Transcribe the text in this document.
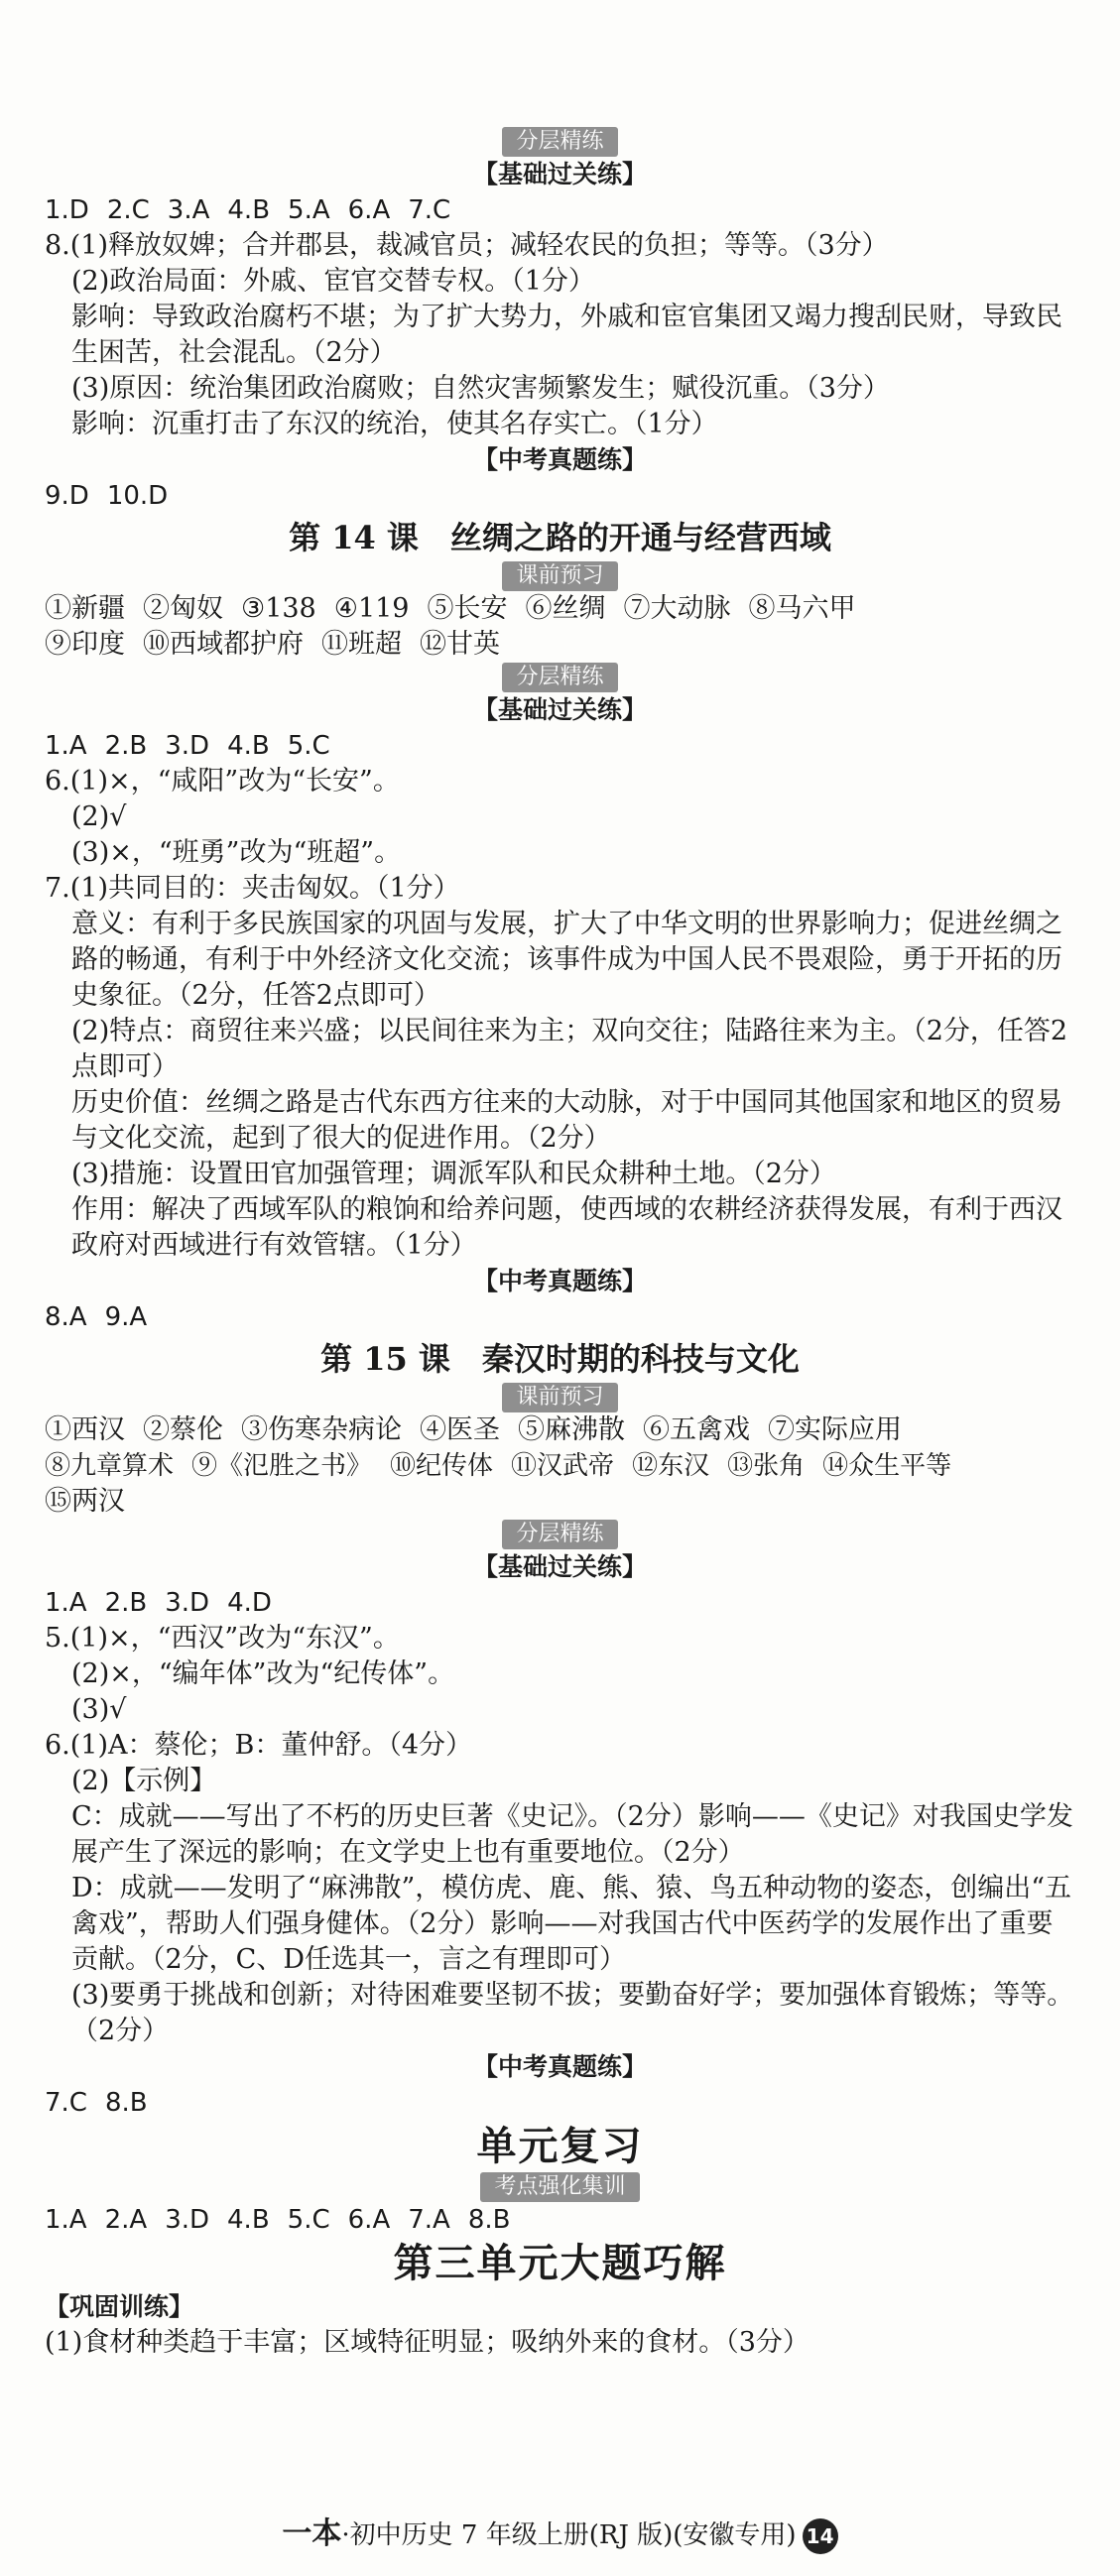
分层精练
【基础过关练】
1.D 2.C 3.A 4.B 5.A 6.A 7.C
8.(1)释放奴婢；合并郡县，裁减官员；减轻农民的负担；等等。（3分）
(2)政治局面：外戚、宦官交替专权。（1分）
影响：导致政治腐朽不堪；为了扩大势力，外戚和宦官集团又竭力搜刮民财，导致民生困苦，社会混乱。（2分）
(3)原因：统治集团政治腐败；自然灾害频繁发生；赋役沉重。（3分）
影响：沉重打击了东汉的统治，使其名存实亡。（1分）
【中考真题练】
9.D 10.D
第 14 课　丝绸之路的开通与经营西域
课前预习
①新疆 ②匈奴 ③138 ④119 ⑤长安 ⑥丝绸 ⑦大动脉 ⑧马六甲
⑨印度 ⑩西域都护府 ⑪班超 ⑫甘英
分层精练
【基础过关练】
1.A 2.B 3.D 4.B 5.C
6.(1)×，“咸阳”改为“长安”。
(2)√
(3)×，“班勇”改为“班超”。
7.(1)共同目的：夹击匈奴。（1分）
意义：有利于多民族国家的巩固与发展，扩大了中华文明的世界影响力；促进丝绸之路的畅通，有利于中外经济文化交流；该事件成为中国人民不畏艰险，勇于开拓的历史象征。（2分，任答2点即可）
(2)特点：商贸往来兴盛；以民间往来为主；双向交往；陆路往来为主。（2分，任答2点即可）
历史价值：丝绸之路是古代东西方往来的大动脉，对于中国同其他国家和地区的贸易与文化交流，起到了很大的促进作用。（2分）
(3)措施：设置田官加强管理；调派军队和民众耕种土地。（2分）
作用：解决了西域军队的粮饷和给养问题，使西域的农耕经济获得发展，有利于西汉政府对西域进行有效管辖。（1分）
【中考真题练】
8.A 9.A
第 15 课　秦汉时期的科技与文化
课前预习
①西汉 ②蔡伦 ③伤寒杂病论 ④医圣 ⑤麻沸散 ⑥五禽戏 ⑦实际应用
⑧九章算术 ⑨《氾胜之书》 ⑩纪传体 ⑪汉武帝 ⑫东汉 ⑬张角 ⑭众生平等
⑮两汉
分层精练
【基础过关练】
1.A 2.B 3.D 4.D
5.(1)×，“西汉”改为“东汉”。
(2)×，“编年体”改为“纪传体”。
(3)√
6.(1)A：蔡伦；B：董仲舒。（4分）
(2)【示例】
C：成就——写出了不朽的历史巨著《史记》。（2分）影响——《史记》对我国史学发展产生了深远的影响；在文学史上也有重要地位。（2分）
D：成就——发明了“麻沸散”，模仿虎、鹿、熊、猿、鸟五种动物的姿态，创编出“五禽戏”，帮助人们强身健体。（2分）影响——对我国古代中医药学的发展作出了重要贡献。（2分，C、D任选其一，言之有理即可）
(3)要勇于挑战和创新；对待困难要坚韧不拔；要勤奋好学；要加强体育锻炼；等等。（2分）
【中考真题练】
7.C 8.B
单元复习
考点强化集训
1.A 2.A 3.D 4.B 5.C 6.A 7.A 8.B
第三单元大题巧解
【巩固训练】
(1)食材种类趋于丰富；区域特征明显；吸纳外来的食材。（3分）
一本·初中历史 7 年级上册(RJ 版)(安徽专用) 14
